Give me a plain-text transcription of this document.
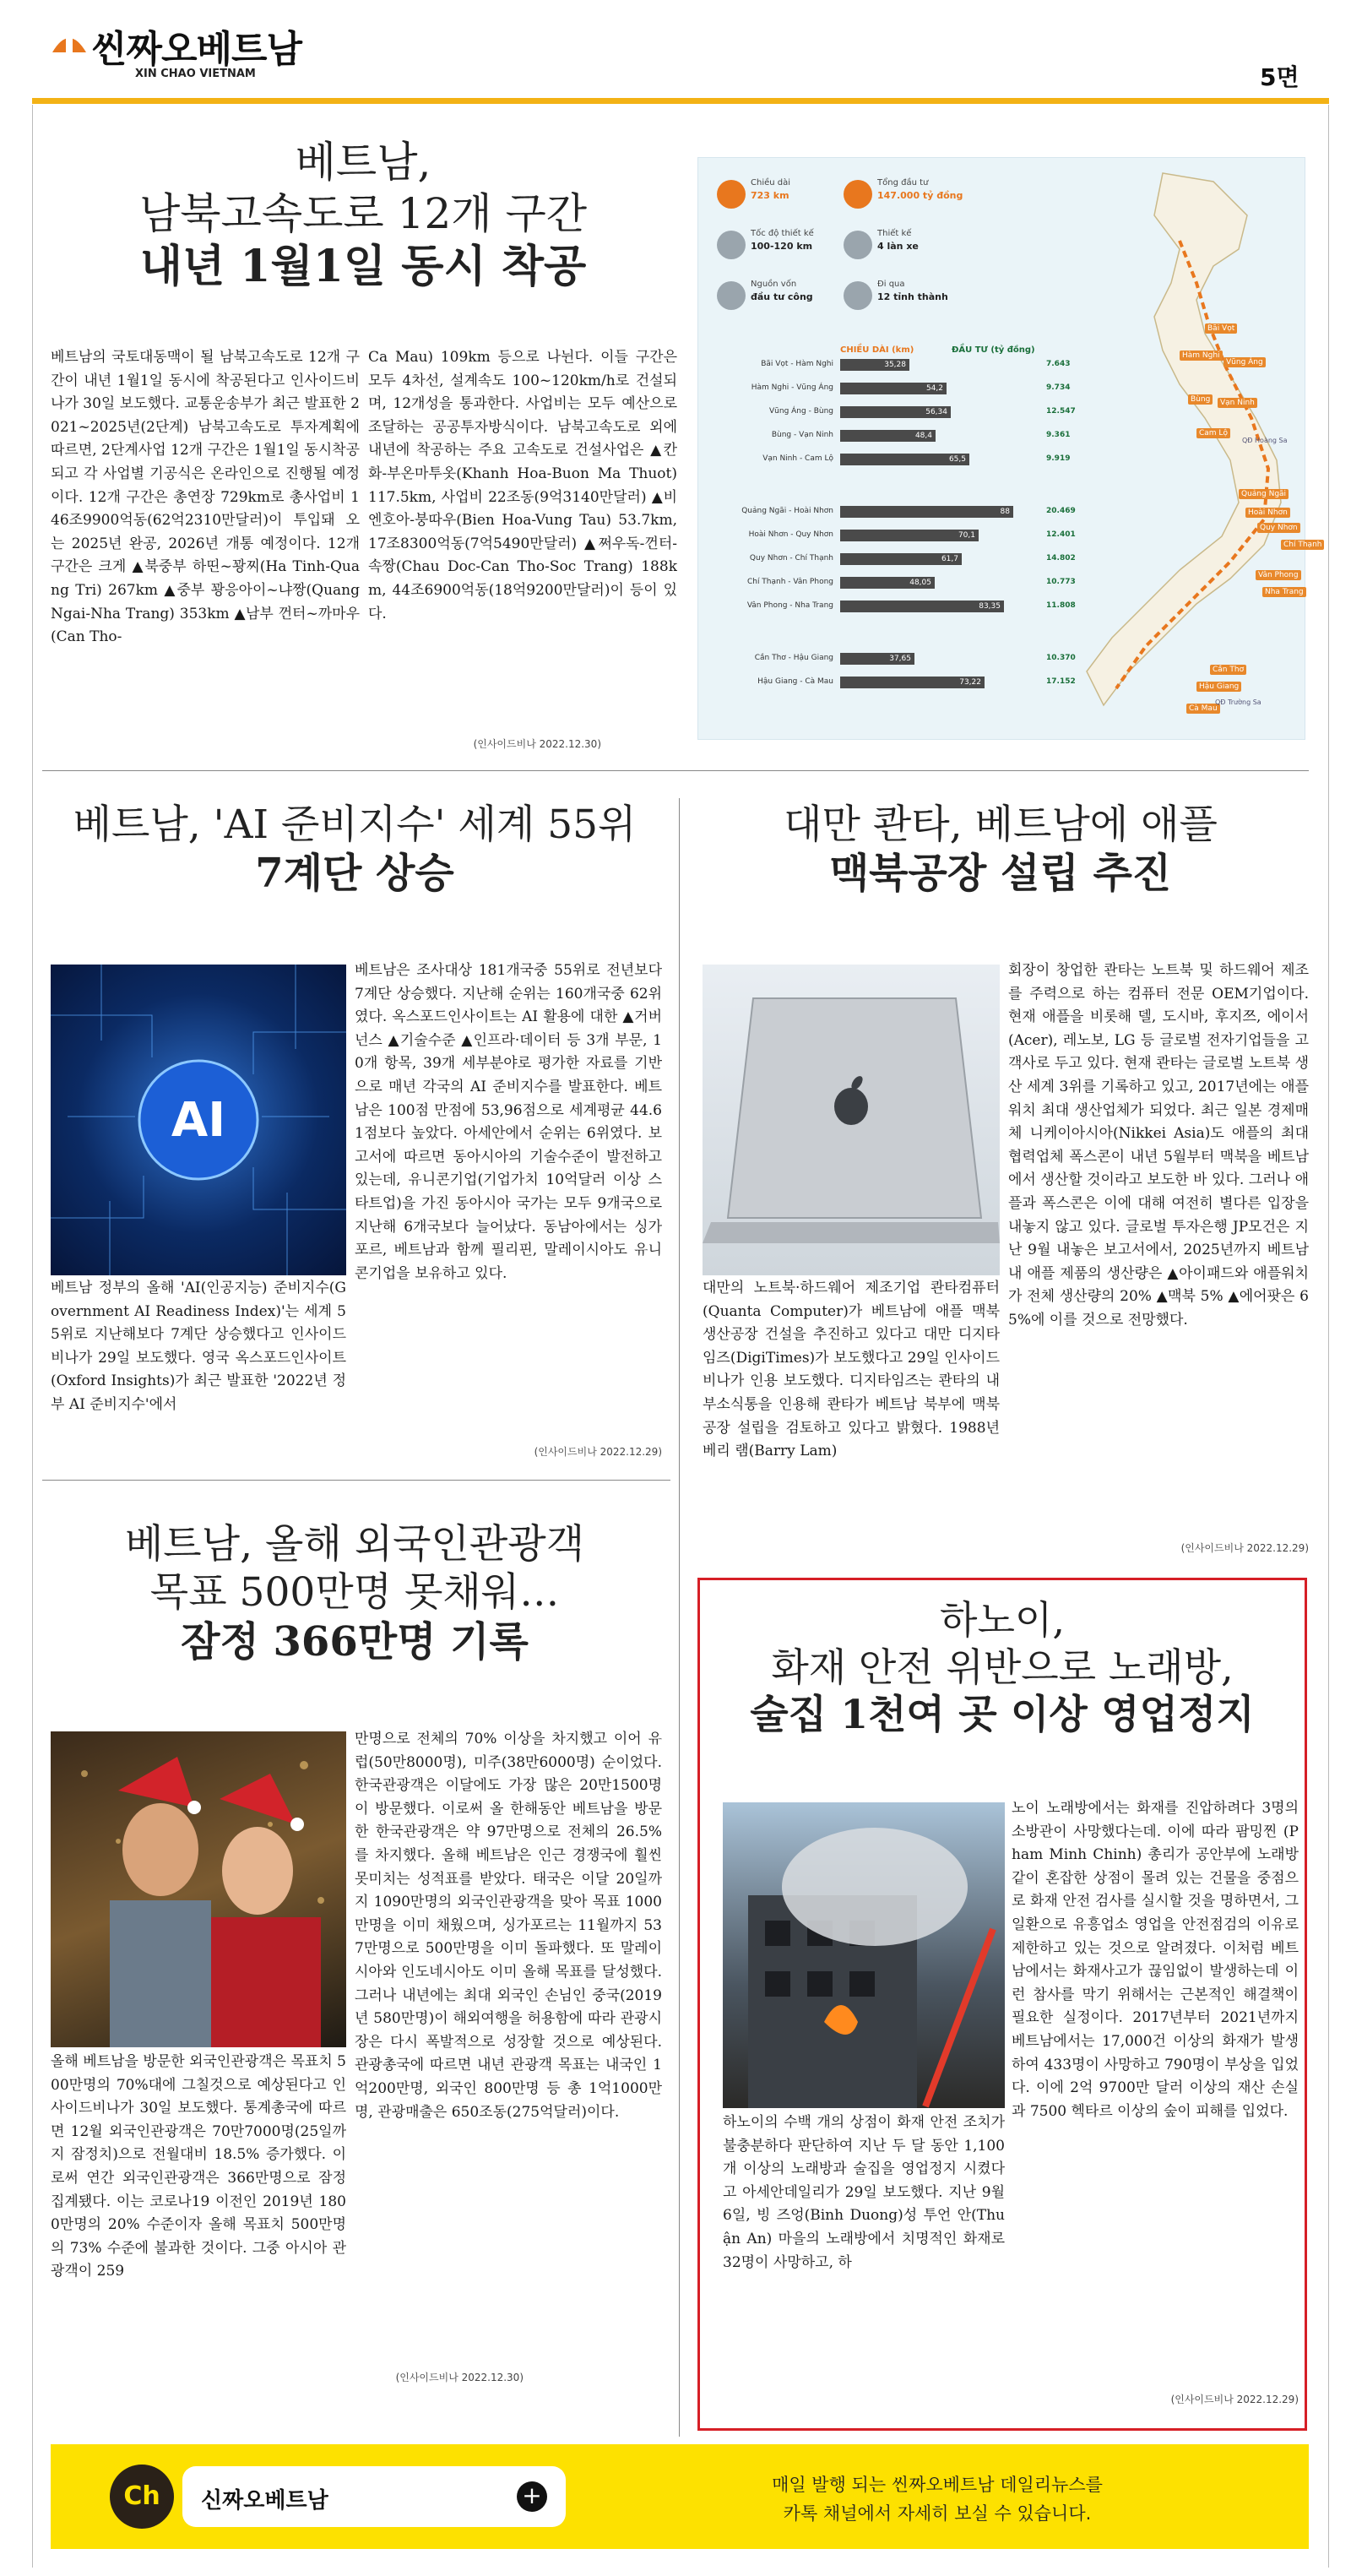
씬짜오베트남
XIN CHAO VIETNAM	5면
베트남,
남북고속도로 12개 구간
내년 1월1일 동시 착공
베트남의 국토대동맥이 될 남북고속도로 12개 구간이 내년 1월1일 동시에 착공된다고 인사이드비나가 30일 보도했다. 교통운송부가 최근 발표한 2021~2025년(2단계) 남북고속도로 투자계획에 따르면, 2단계사업 12개 구간은 1월1일 동시착공되고 각 사업별 기공식은 온라인으로 진행될 예정이다. 12개 구간은 총연장 729km로 총사업비 146조9900억동(62억2310만달러)이 투입돼 오는 2025년 완공, 2026년 개통 예정이다. 12개 구간은 크게 ▲북중부 하띤~꽝찌(Ha Tinh-Quang Tri) 267km ▲중부 꽝응아이~냐짱(Quang Ngai-Nha Trang) 353km ▲남부 껀터~까마우(Can Tho-
Ca Mau) 109km 등으로 나뉜다. 이들 구간은 모두 4차선, 설계속도 100~120km/h로 건설되며, 12개성을 통과한다. 사업비는 모두 예산으로 조달하는 공공투자방식이다. 남북고속도로 외에 내년에 착공하는 주요 고속도로 건설사업은 ▲칸화-부온마투옷(Khanh Hoa-Buon Ma Thuot) 117.5km, 사업비 22조동(9억3140만달러) ▲비엔호아-붕따우(Bien Hoa-Vung Tau) 53.7km, 17조8300억동(7억5490만달러) ▲쩌우독-껀터-속짱(Chau Doc-Can Tho-Soc Trang) 188km, 44조6900억동(18억9200만달러)이 등이 있다.
(인사이드비나 2022.12.30)
Chiều dài
723 km
Tổng đầu tư
147.000 tỷ đồng
Tốc độ thiết kế
100-120 km
Thiết kế
4 làn xe
Nguồn vốn
đầu tư công
Đi qua
12 tỉnh thành
CHIỀU DÀI (km)	ĐẦU TƯ (tỷ đồng)
Bãi Vọt - Hàm Nghi	35,28	7.643
Hàm Nghi - Vũng Áng	54,2	9.734
Vũng Áng - Bùng	56,34	12.547
Bùng - Vạn Ninh	48,4	9.361
Vạn Ninh - Cam Lộ	65,5	9.919
Quảng Ngãi - Hoài Nhơn	88	20.469
Hoài Nhơn - Quy Nhơn	70,1	12.401
Quy Nhơn - Chí Thạnh	61,7	14.802
Chí Thạnh - Vân Phong	48,05	10.773
Vân Phong - Nha Trang	83,35	11.808
Cần Thơ - Hậu Giang	37,65	10.370
Hậu Giang - Cà Mau	73,22	17.152
Bãi Vọt
Hàm Nghi
Vũng Áng
Bùng	Vạn Ninh
Cam Lộ
Quảng Ngãi
Hoài Nhơn
Quy Nhơn
Chí Thạnh
Vân Phong
Nha Trang
Cần Thơ
Hậu Giang
Cà Mau
QĐ Hoàng Sa
QĐ Trường Sa
베트남, 'AI 준비지수' 세계 55위
7계단 상승
AI
베트남 정부의 올해 'AI(인공지능) 준비지수(Government AI Readiness Index)'는 세계 55위로 지난해보다 7계단 상승했다고 인사이드비나가 29일 보도했다. 영국 옥스포드인사이트(Oxford Insights)가 최근 발표한 '2022년 정부 AI 준비지수'에서
베트남은 조사대상 181개국중 55위로 전년보다 7계단 상승했다. 지난해 순위는 160개국중 62위였다. 옥스포드인사이트는 AI 활용에 대한 ▲거버넌스 ▲기술수준 ▲인프라·데이터 등 3개 부문, 10개 항목, 39개 세부분야로 평가한 자료를 기반으로 매년 각국의 AI 준비지수를 발표한다. 베트남은 100점 만점에 53,96점으로 세계평균 44.61점보다 높았다. 아세안에서 순위는 6위였다. 보고서에 따르면 동아시아의 기술수준이 발전하고 있는데, 유니콘기업(기업가치 10억달러 이상 스타트업)을 가진 동아시아 국가는 모두 9개국으로 지난해 6개국보다 늘어났다. 동남아에서는 싱가포르, 베트남과 함께 필리핀, 말레이시아도 유니콘기업을 보유하고 있다.
(인사이드비나 2022.12.29)
대만 콴타, 베트남에 애플
맥북공장 설립 추진
대만의 노트북·하드웨어 제조기업 콴타컴퓨터(Quanta Computer)가 베트남에 애플 맥북 생산공장 건설을 추진하고 있다고 대만 디지타임즈(DigiTimes)가 보도했다고 29일 인사이드비나가 인용 보도했다. 디지타임즈는 콴타의 내부소식통을 인용해 콴타가 베트남 북부에 맥북공장 설립을 검토하고 있다고 밝혔다. 1988년 베리 램(Barry Lam)
회장이 창업한 콴타는 노트북 및 하드웨어 제조를 주력으로 하는 컴퓨터 전문 OEM기업이다. 현재 애플을 비롯해 델, 도시바, 후지쯔, 에이서(Acer), 레노보, LG 등 글로벌 전자기업들을 고객사로 두고 있다. 현재 콴타는 글로벌 노트북 생산 세계 3위를 기록하고 있고, 2017년에는 애플워치 최대 생산업체가 되었다. 최근 일본 경제매체 니케이아시아(Nikkei Asia)도 애플의 최대 협력업체 폭스콘이 내년 5월부터 맥북을 베트남에서 생산할 것이라고 보도한 바 있다. 그러나 애플과 폭스콘은 이에 대해 여전히 별다른 입장을 내놓지 않고 있다. 글로벌 투자은행 JP모건은 지난 9월 내놓은 보고서에서, 2025년까지 베트남내 애플 제품의 생산량은 ▲아이패드와 애플워치가 전체 생산량의 20% ▲맥북 5% ▲에어팟은 65%에 이를 것으로 전망했다.
(인사이드비나 2022.12.29)
베트남, 올해 외국인관광객
목표 500만명 못채워…
잠정 366만명 기록
올해 베트남을 방문한 외국인관광객은 목표치 500만명의 70%대에 그칠것으로 예상된다고 인사이드비나가 30일 보도했다. 통계총국에 따르면 12월 외국인관광객은 70만7000명(25일까지 잠정치)으로 전월대비 18.5% 증가했다. 이로써 연간 외국인관광객은 366만명으로 잠정 집계됐다. 이는 코로나19 이전인 2019년 1800만명의 20% 수준이자 올해 목표치 500만명의 73% 수준에 불과한 것이다. 그중 아시아 관광객이 259
만명으로 전체의 70% 이상을 차지했고 이어 유럽(50만8000명), 미주(38만6000명) 순이었다. 한국관광객은 이달에도 가장 많은 20만1500명이 방문했다. 이로써 올 한해동안 베트남을 방문한 한국관광객은 약 97만명으로 전체의 26.5%를 차지했다. 올해 베트남은 인근 경쟁국에 훨씬 못미치는 성적표를 받았다. 태국은 이달 20일까지 1090만명의 외국인관광객을 맞아 목표 1000만명을 이미 채웠으며, 싱가포르는 11월까지 537만명으로 500만명을 이미 돌파했다. 또 말레이시아와 인도네시아도 이미 올해 목표를 달성했다. 그러나 내년에는 최대 외국인 손님인 중국(2019년 580만명)이 해외여행을 허용함에 따라 관광시장은 다시 폭발적으로 성장할 것으로 예상된다. 관광총국에 따르면 내년 관광객 목표는 내국인 1억200만명, 외국인 800만명 등 총 1억1000만명, 관광매출은 650조동(275억달러)이다.
(인사이드비나 2022.12.30)
하노이,
화재 안전 위반으로 노래방,
술집 1천여 곳 이상 영업정지
하노이의 수백 개의 상점이 화재 안전 조치가 불충분하다 판단하여 지난 두 달 동안 1,100개 이상의 노래방과 술집을 영업정지 시켰다고 아세안데일리가 29일 보도했다. 지난 9월 6일, 빙 즈엉(Binh Duong)성 투언 안(Thuận An) 마을의 노래방에서 치명적인 화재로 32명이 사망하고, 하
노이 노래방에서는 화재를 진압하려다 3명의 소방관이 사망했다는데. 이에 따라 팜밍찐 (Pham Minh Chinh) 총리가 공안부에 노래방 같이 혼잡한 상점이 몰려 있는 건물을 중점으로 화재 안전 검사를 실시할 것을 명하면서, 그 일환으로 유흥업소 영업을 안전점검의 이유로 제한하고 있는 것으로 알려졌다. 이처럼 베트남에서는 화재사고가 끊임없이 발생하는데 이런 참사를 막기 위해서는 근본적인 해결책이 필요한 실정이다. 2017년부터 2021년까지 베트남에서는 17,000건 이상의 화재가 발생하여 433명이 사망하고 790명이 부상을 입었다. 이에 2억 9700만 달러 이상의 재산 손실과 7500 헥타르 이상의 숲이 피해를 입었다.
(인사이드비나 2022.12.29)
Ch	신짜오베트남	+	매일 발행 되는 씬짜오베트남 데일리뉴스를
카톡 채널에서 자세히 보실 수 있습니다.
